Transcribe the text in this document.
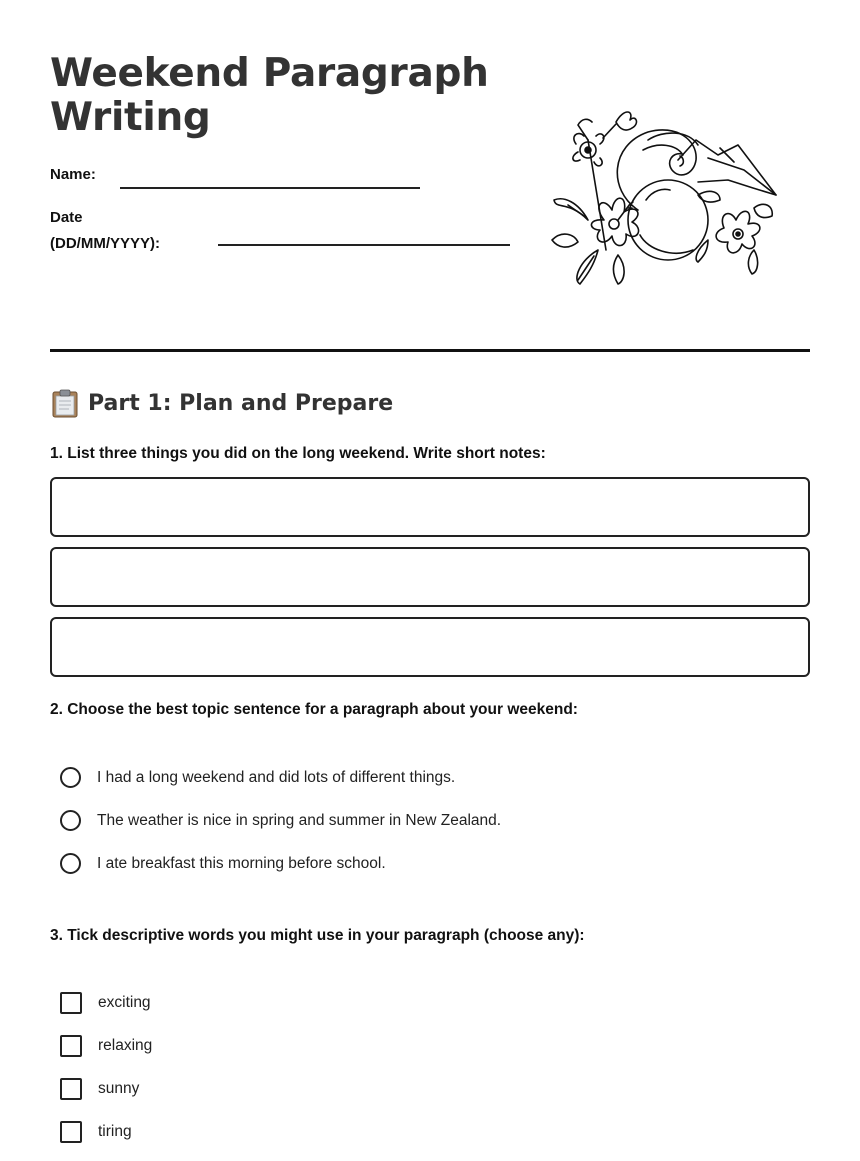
Weekend Paragraph Writing
Name:
Date
(DD/MM/YYYY):
Part 1: Plan and Prepare

1. List three things you did on the long weekend. Write short notes:

2. Choose the best topic sentence for a paragraph about your weekend:

I had a long weekend and did lots of different things.
The weather is nice in spring and summer in New Zealand.
I ate breakfast this morning before school.

3. Tick descriptive words you might use in your paragraph (choose any):

exciting
relaxing
sunny
tiring
